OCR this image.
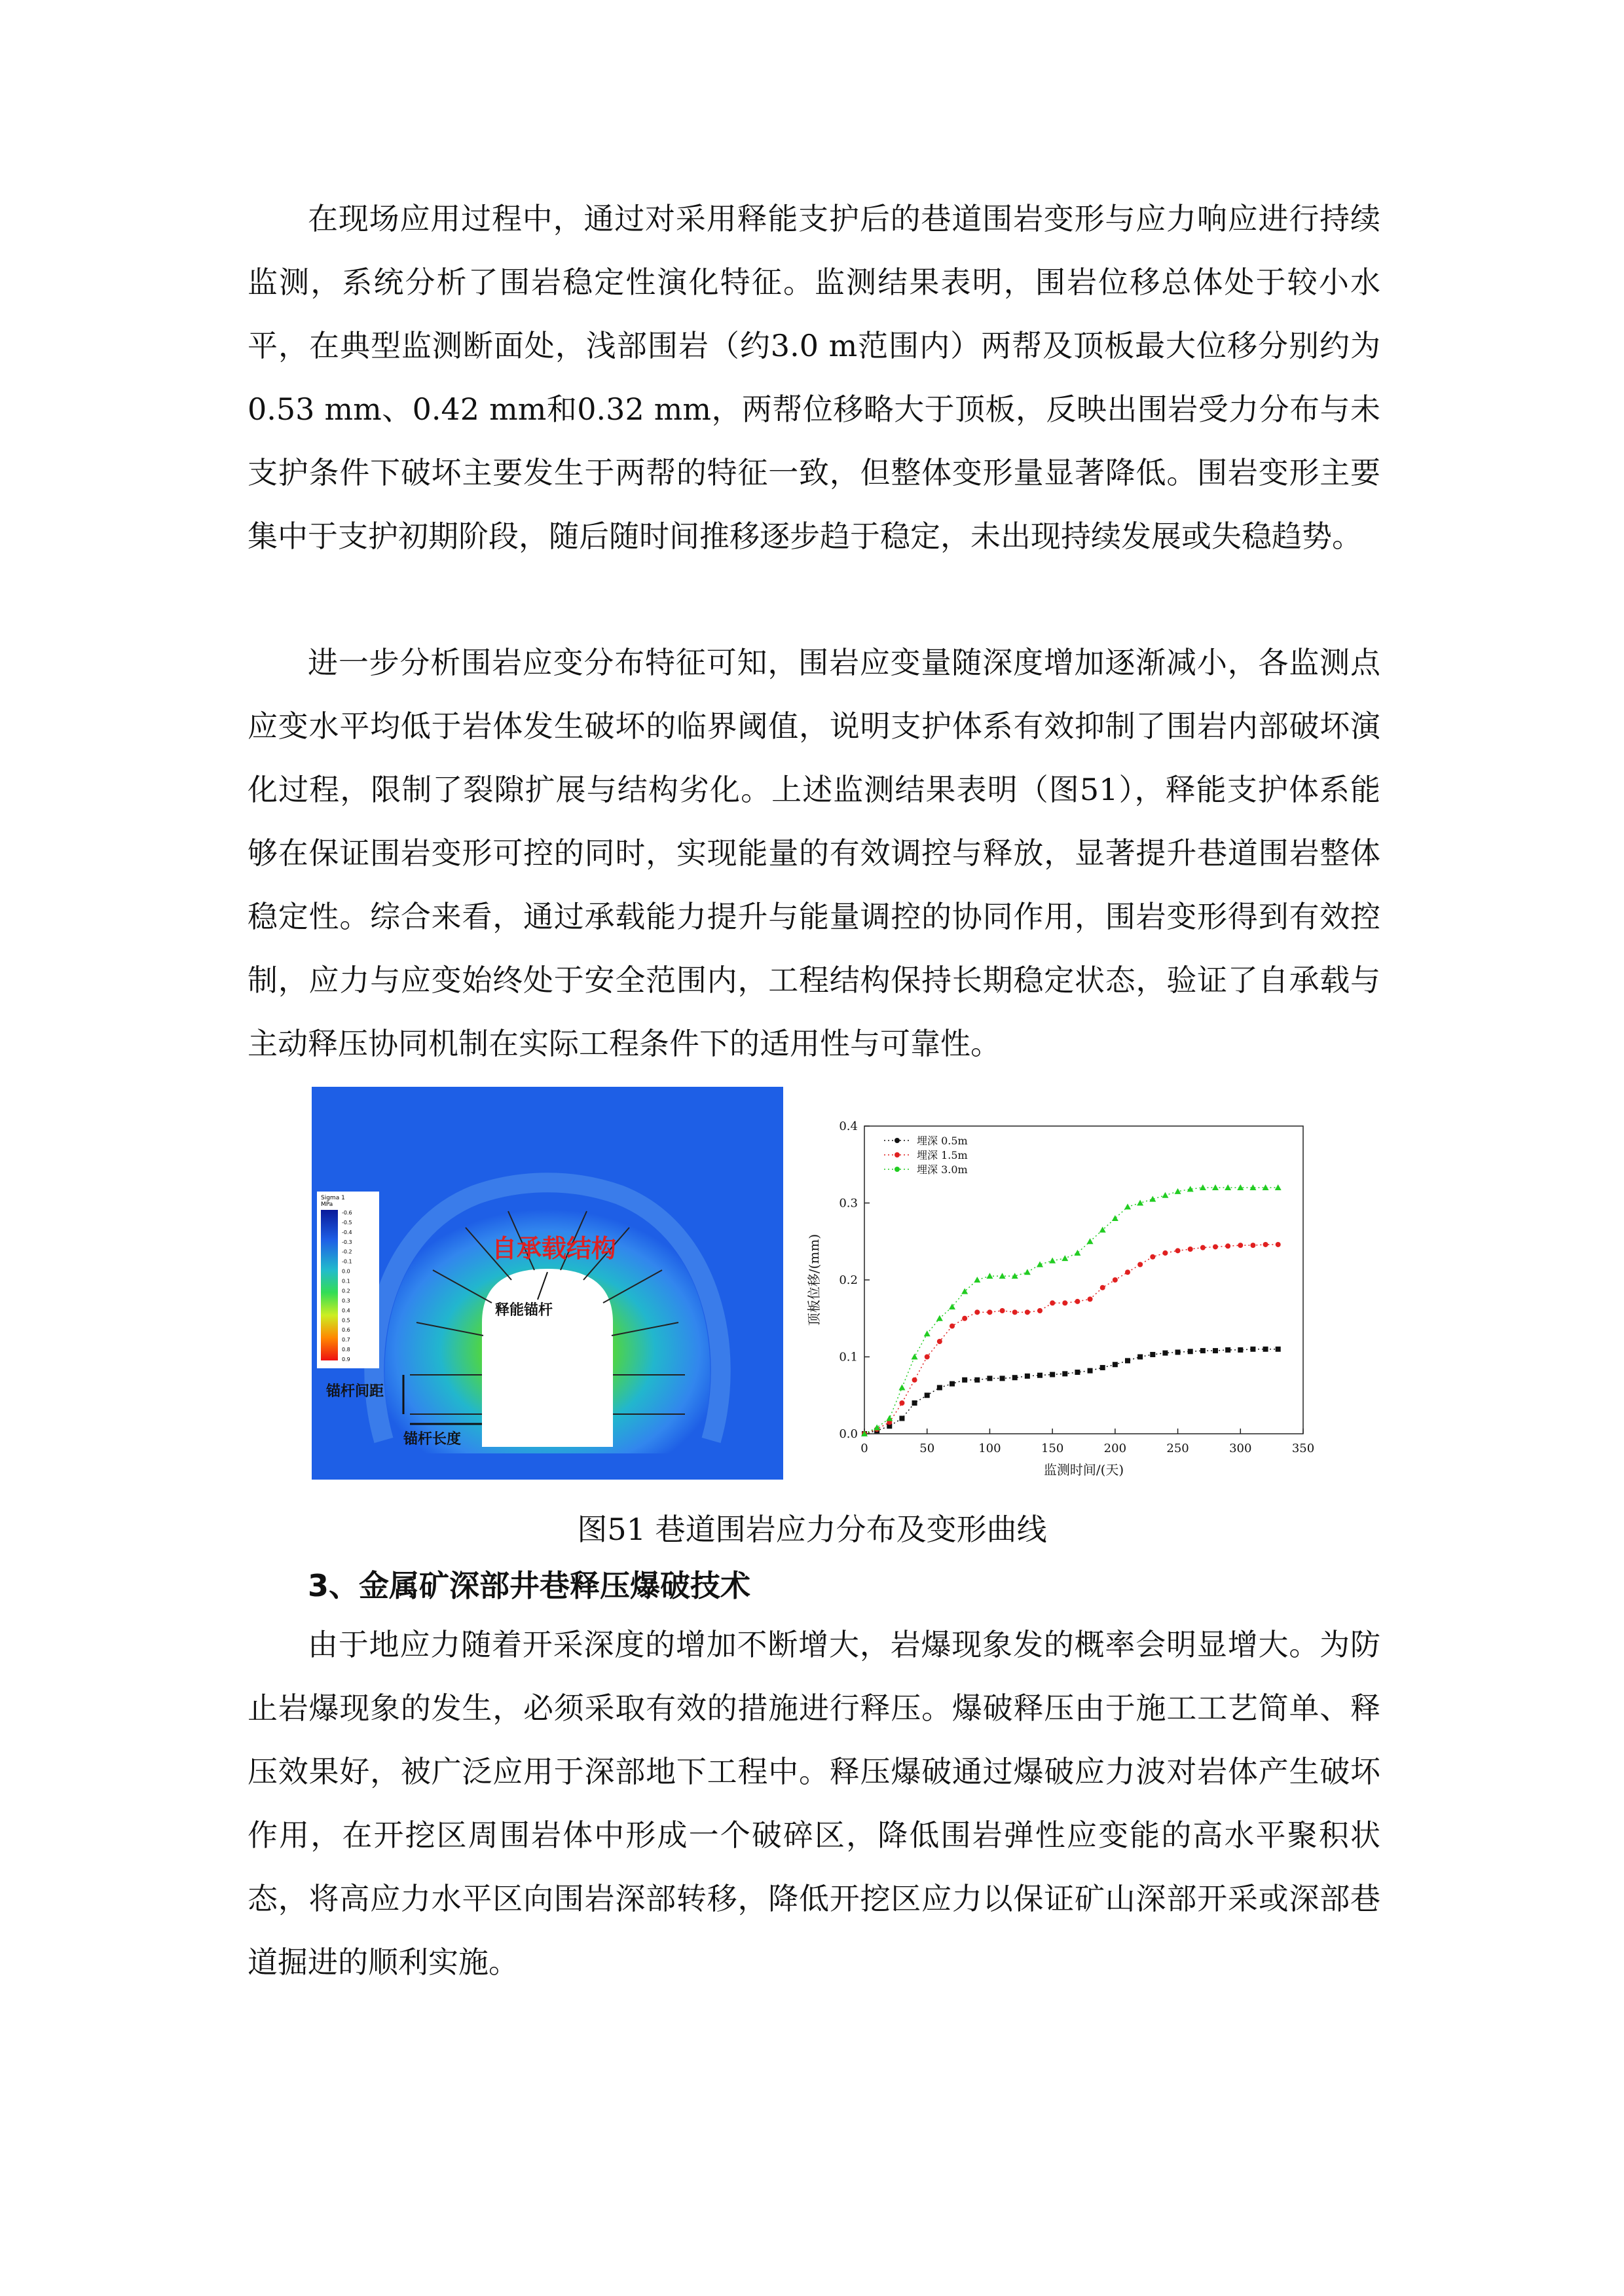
在现场应用过程中，通过对采用释能支护后的巷道围岩变形与应力响应进行持续监测，系统分析了围岩稳定性演化特征。监测结果表明，围岩位移总体处于较小水平，在典型监测断面处，浅部围岩（约3.0 m范围内）两帮及顶板最大位移分别约为0.53 mm、0.42 mm和0.32 mm，两帮位移略大于顶板，反映出围岩受力分布与未支护条件下破坏主要发生于两帮的特征一致，但整体变形量显著降低。围岩变形主要集中于支护初期阶段，随后随时间推移逐步趋于稳定，未出现持续发展或失稳趋势。

进一步分析围岩应变分布特征可知，围岩应变量随深度增加逐渐减小，各监测点应变水平均低于岩体发生破坏的临界阈值，说明支护体系有效抑制了围岩内部破坏演化过程，限制了裂隙扩展与结构劣化。上述监测结果表明（图51），释能支护体系能够在保证围岩变形可控的同时，实现能量的有效调控与释放，显著提升巷道围岩整体稳定性。综合来看，通过承载能力提升与能量调控的协同作用，围岩变形得到有效控制，应力与应变始终处于安全范围内，工程结构保持长期稳定状态，验证了自承载与主动释压协同机制在实际工程条件下的适用性与可靠性。

Sigma 1
MPa
-0.6
-0.5
-0.4
-0.3
-0.2
-0.1
0.0
0.1
0.2
0.3
0.4
0.5
0.6
0.7
0.8
0.9
自承载结构
释能锚杆
锚杆间距
锚杆长度
0	50	100	150	200	250	300	350
0.0
0.1
0.2
0.3
0.4
监测时间/(天)
顶板位移/(mm)
埋深 0.5m
埋深 1.5m
埋深 3.0m

图51 巷道围岩应力分布及变形曲线

3、金属矿深部井巷释压爆破技术

由于地应力随着开采深度的增加不断增大，岩爆现象发的概率会明显增大。为防止岩爆现象的发生，必须采取有效的措施进行释压。爆破释压由于施工工艺简单、释压效果好，被广泛应用于深部地下工程中。释压爆破通过爆破应力波对岩体产生破坏作用，在开挖区周围岩体中形成一个破碎区，降低围岩弹性应变能的高水平聚积状态，将高应力水平区向围岩深部转移，降低开挖区应力以保证矿山深部开采或深部巷道掘进的顺利实施。
